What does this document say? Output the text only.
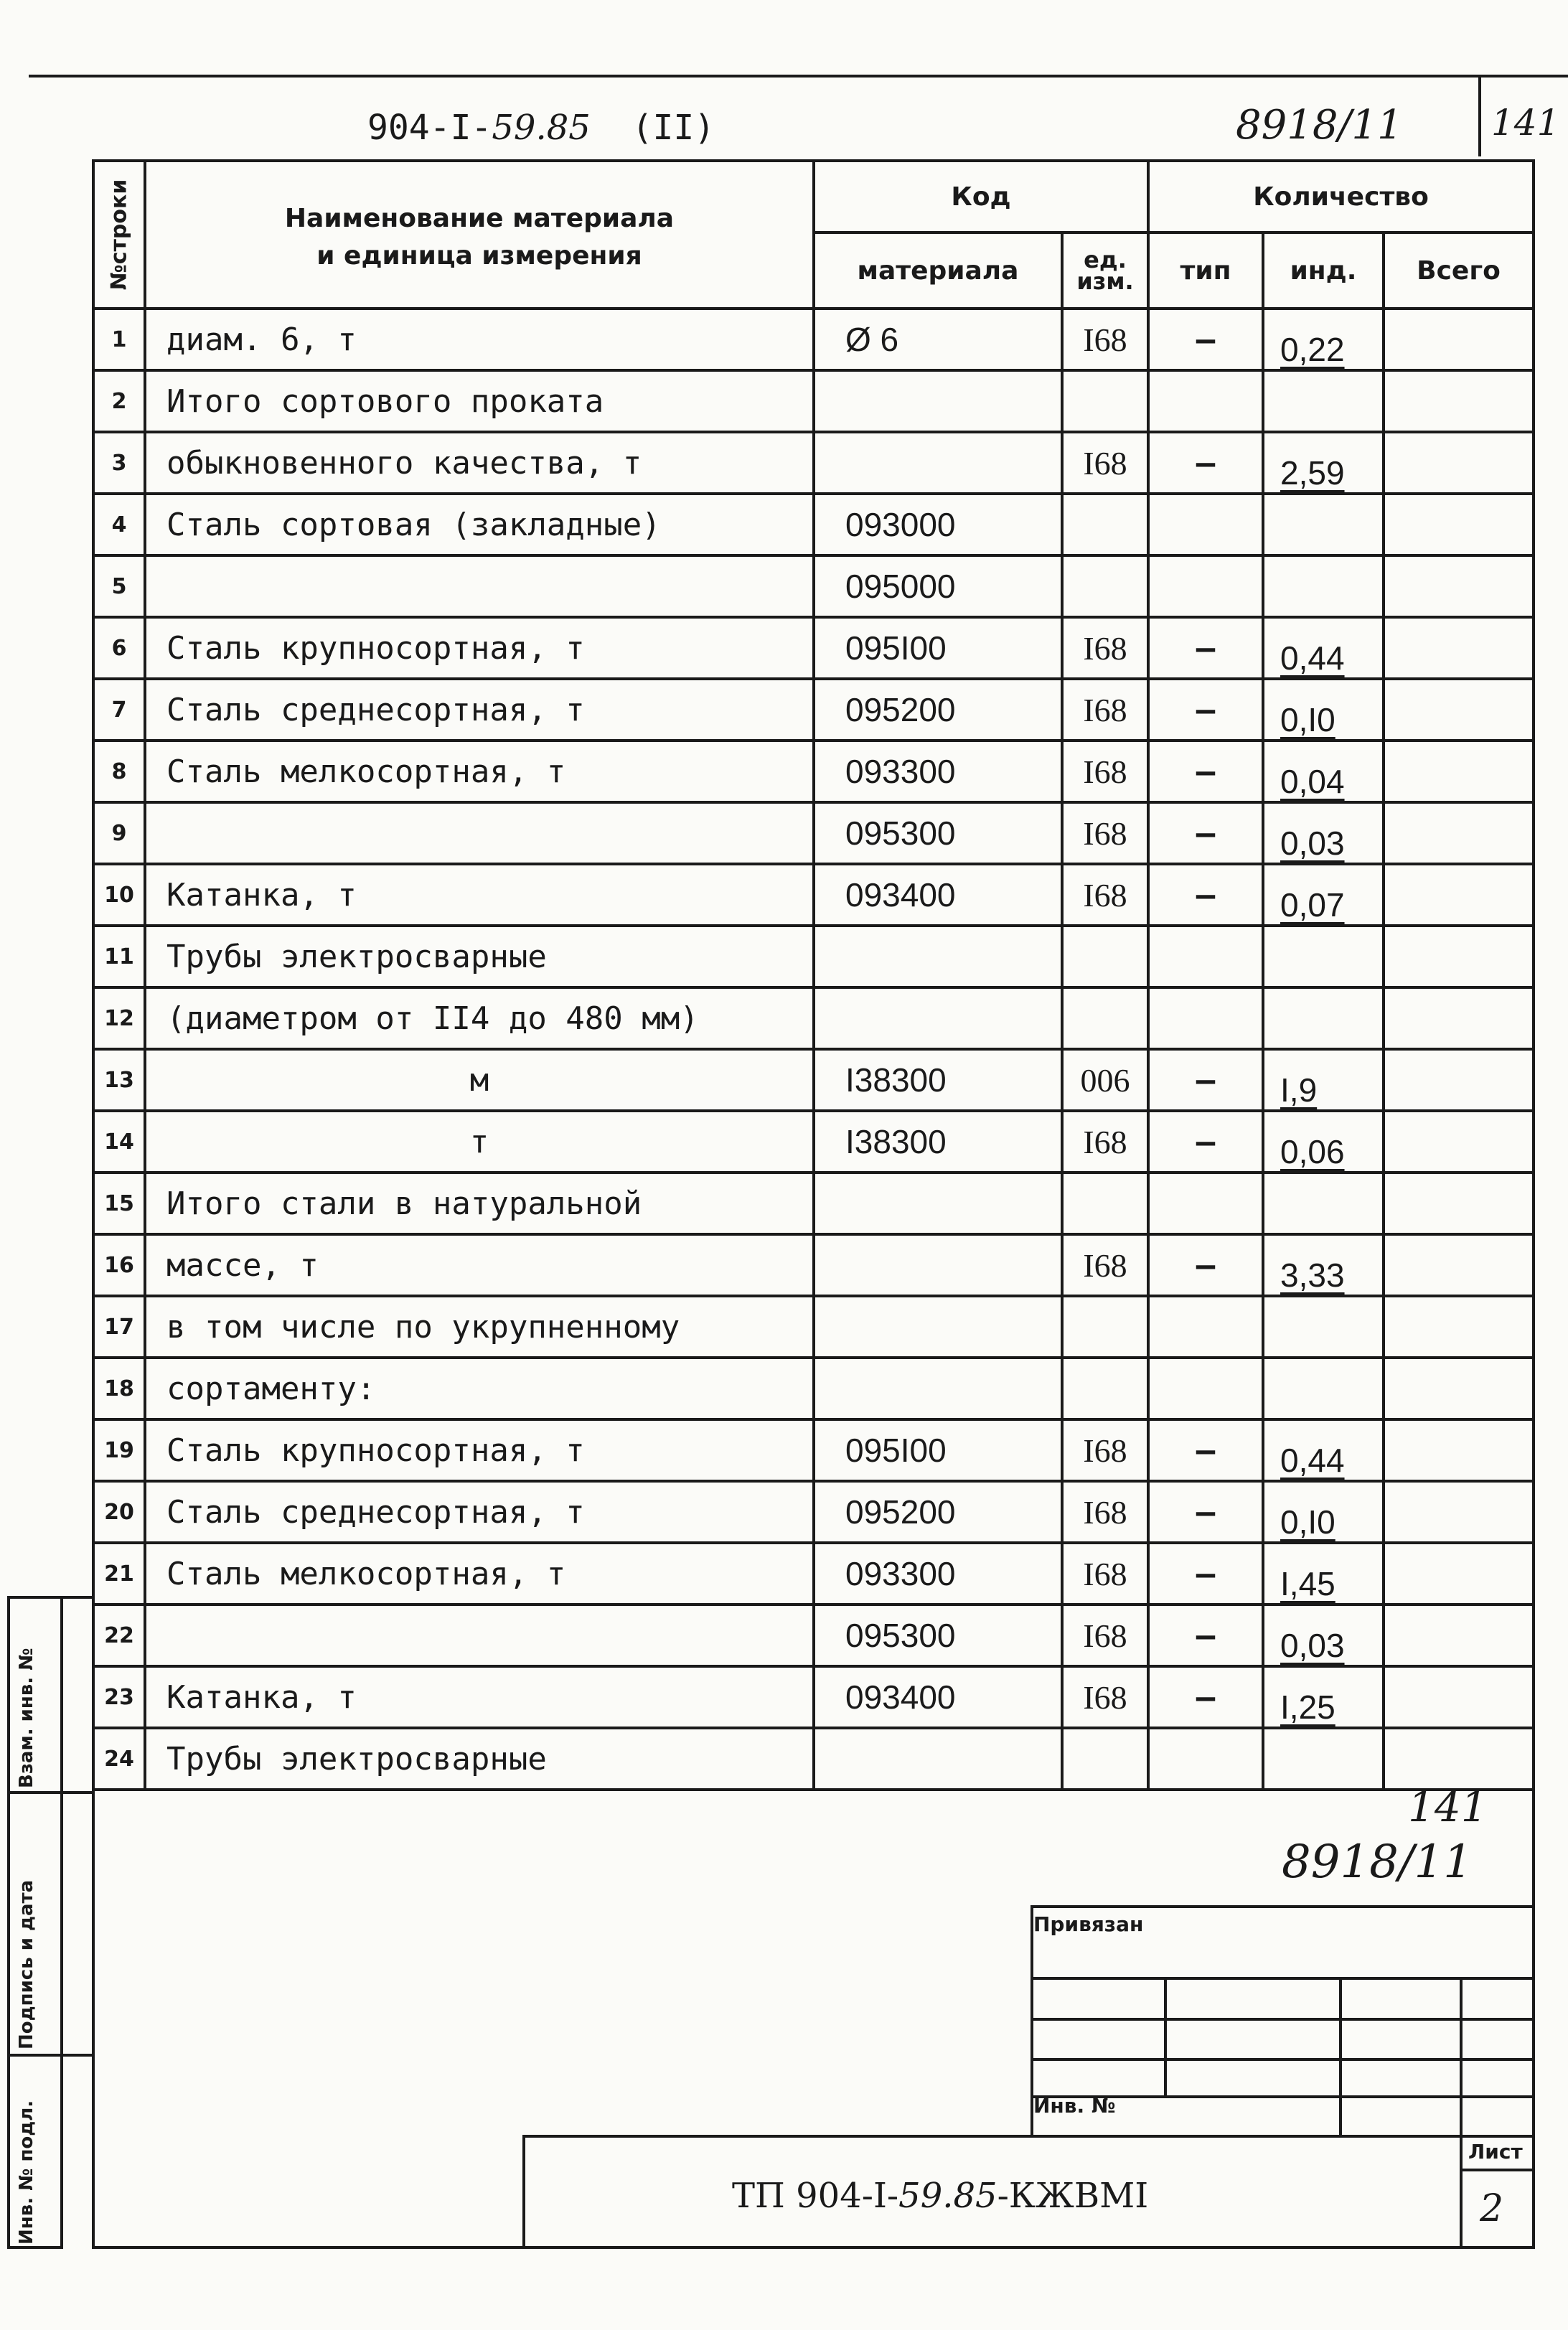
904-I-59.85 (II)	8918/11 141
№строки	Наименование материала
и единица измерения	Код		Количество		
		материала	ед. изм.	тип	инд.	Всего
1	диам. 6, т	Ø 6	I68	–	0,22	
2	Итого сортового проката					
3	обыкновенного качества, т		I68	–	2,59	
4	Сталь сортовая (закладные)	093000				
5		095000				
6	Сталь крупносортная, т	095I00	I68	–	0,44	
7	Сталь среднесортная, т	095200	I68	–	0,I0	
8	Сталь мелкосортная, т	093300	I68	–	0,04	
9		095300	I68	–	0,03	
10	Катанка, т	093400	I68	–	0,07	
11	Трубы электросварные					
12	(диаметром от II4 до 480 мм)					
13	м	I38300	006	–	I,9	
14	т	I38300	I68	–	0,06	
15	Итого стали в натуральной					
16	массе, т		I68	–	3,33	
17	в том числе по укрупненному					
18	сортаменту:					
19	Сталь крупносортная, т	095I00	I68	–	0,44	
20	Сталь среднесортная, т	095200	I68	–	0,I0	
21	Сталь мелкосортная, т	093300	I68	–	I,45	
22		095300	I68	–	0,03	
23	Катанка, т	093400	I68	–	I,25	
24	Трубы электросварные					
Взам. инв. №
Подпись и дата
Инв. № подл.
141
8918/11
Привязан
Инв. №
Лист
2
ТП 904-I-59.85-КЖВМI
